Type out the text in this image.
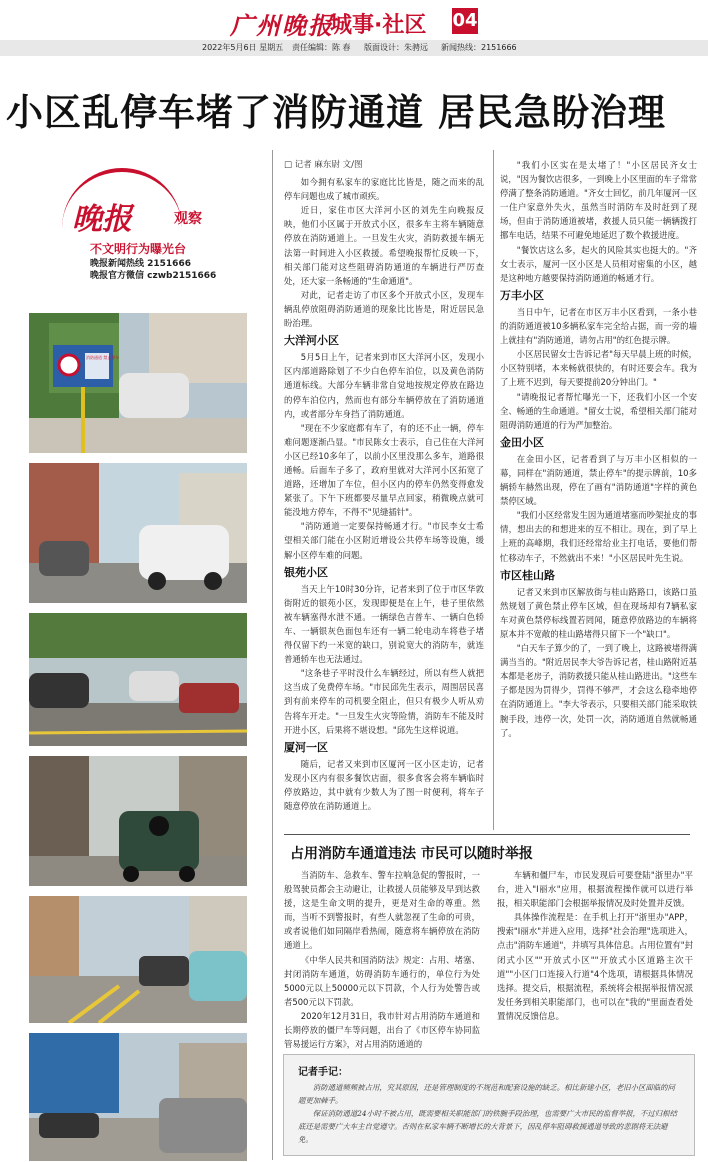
广州晚报
城事·社区 04
2022年5月6日 星期五 责任编辑：陈 春 版面设计：朱骋远 新闻热线：2151666
小区乱停车堵了消防通道 居民急盼治理
晚报	观察
不文明行为曝光台
晚报新闻热线 2151666
晚报官方微信 czwb2151666
消防通道 禁止停车
□ 记者 麻东尉 文/图

如今拥有私家车的家庭比比皆是，随之而来的乱停车问题也成了城市顽疾。

近日，家住市区大洋河小区的刘先生向晚报反映，他们小区属于开放式小区，很多车主将车辆随意停放在消防通道上。一旦发生火灾，消防救援车辆无法第一时间进入小区救援。希望晚报帮忙反映一下，相关部门能对这些阻碍消防通道的车辆进行严厉查处，还大家一条畅通的"生命通道"。

对此，记者走访了市区多个开放式小区，发现车辆乱停放阻碍消防通道的现象比比皆是，附近居民急盼治理。

大洋河小区

5月5日上午，记者来到市区大洋河小区，发现小区内部道路除划了不少白色停车泊位，以及黄色消防通道标线。大部分车辆非常自觉地按规定停放在路边的停车泊位内，然而也有部分车辆停放在了消防通道内，或者部分车身挡了消防通道。

"现在不少家庭都有车了，有的还不止一辆，停车难问题逐渐凸显。"市民陈女士表示，自己住在大洋河小区已经10多年了，以前小区里没那么多车，道路很通畅。后面车子多了，政府里就对大洋河小区拓宽了道路，还增加了车位，但小区内的停车仍然变得愈发紧张了。下午下班都要尽量早点回家，稍微晚点就可能没地方停车，不得不"见缝插针"。

"消防通道一定要保持畅通才行。"市民李女士希望相关部门能在小区附近增设公共停车场等设施，缓解小区停车难的问题。

银苑小区

当天上午10时30分许，记者来到了位于市区华敦街附近的银苑小区，发现即便是在上午，巷子里依然被车辆塞得水泄不通。一辆绿色吉普车、一辆白色轿车、一辆银灰色面包车还有一辆二轮电动车将巷子堵得仅留下约一米宽的缺口，别说宽大的消防车，就连普通轿车也无法通过。

"这条巷子平时没什么车辆经过，所以有些人就把这当成了免费停车场。"市民邱先生表示，周围居民喜到有前来停车的司机要全阻止，但只有极少人听从劝告将车开走。"一旦发生火灾等险情，消防车不能及时开进小区，后果将不堪设想。"邱先生这样说道。

厦河一区

随后，记者又来到市区厦河一区小区走访，记者发现小区内有很多餐饮店面，很多食客会将车辆临时停放路边，其中就有少数人为了图一时便利，将车子随意停放在消防通道上。

"我们小区实在是太堵了！"小区居民齐女士说，"因为餐饮店很多，一到晚上小区里面的车子常常停满了整条消防通道。"齐女士回忆，前几年厦河一区一住户家意外失火，虽然当时消防车及时赶到了现场，但由于消防通道被堵，救援人员只能一辆辆拨打挪车电话，结果不可避免地延迟了数个救援进度。

"餐饮店这么多，起火的风险其实也挺大的。"齐女士表示，厦河一区小区是人员相对密集的小区，越是这种地方越要保持消防通道的畅通才行。

万丰小区

当日中午，记者在市区万丰小区看到，一条小巷的消防通道被10多辆私家车完全给占据，而一旁的墙上就挂有"消防通道，请勿占用"的红色提示牌。

小区居民留女士告诉记者"每天早晨上班的时候，小区特别堵，本来畅就很快的，有时还要会车。我为了上班不迟到，每天要提前20分钟出门。"

"请晚报记者帮忙曝光一下，还我们小区一个安全、畅通的生命通道。"留女士说，希望相关部门能对阻碍消防通道的行为严加整治。

金田小区

在金田小区，记者看到了与万丰小区相似的一幕，同样在"消防通道，禁止停车"的提示牌前，10多辆轿车赫然出现，停在了画有"消防通道"字样的黄色禁停区域。

"我们小区经常发生因为通道堵塞而吵架扯皮的事情，想出去的和想进来的互不相让。现在，到了早上上班的高峰期，我们还经常给业主打电话，要他们帮忙移动车子，不然就出不来！"小区居民叶先生说。

市区桂山路

记者又来到市区解放街与桂山路路口，该路口虽然规划了黄色禁止停车区域，但在现场却有7辆私家车对黄色禁停标线置若罔闻，随意停放路边的车辆将原本并不宽敞的桂山路堵得只留下一个"缺口"。

"白天车子算少的了，一到了晚上，这路被堵得满满当当的。"附近居民李大爷告诉记者，桂山路附近基本都是老房子，消防救援只能从桂山路进出。"这些车子都是因为罚得少，罚得不够严，才会这么稳牵地停在消防通道上。"李大爷表示，只要相关部门能采取铁腕手段，违停一次，处罚一次，消防通道自然就畅通了。

占用消防车通道违法 市民可以随时举报

当消防车、急救车、警车拉响急促的警报时，一般驾驶员都会主动避让，让救援人员能够及早到达救援，这是生命文明的提升，更是对生命的尊重。然而，当听不到警报时，有些人就忽视了生命的可贵，或者说他们如同隔岸看热闹，随意将车辆停放在消防通道上。

《中华人民共和国消防法》规定：占用、堵塞、封闭消防车通道，妨碍消防车通行的，单位行为处5000元以上50000元以下罚款，个人行为处警告或者500元以下罚款。

2020年12月31日，我市针对占用消防车通道和长期停放的僵尸车等问题，出台了《市区停车协同监管易援运行方案》，对占用消防通道的

车辆和僵尸车，市民发现后可要登陆"浙里办"平台，进入"I丽水"应用，根据流程操作就可以进行举报，相关职能部门会根据举报情况及时处置并反馈。

具体操作流程是：在手机上打开"浙里办"APP，搜索"I丽水"并进入应用，选择"社会治理"选项进入，点击"消防车通道"，并填写具体信息。占用位置有"封闭式小区""开放式小区""开放式小区道路主次干道""小区门口连接入行道"4个选项，请根据具体情况选择。提交后，根据流程，系统将会根据举报情况派发任务到相关职能部门，也可以在"我的"里面查看处置情况反馈信息。

记者手记：

消防通道频频被占用，究其原因，还是管理制度的不规范和配套设施的缺乏。相比新建小区，老旧小区面临的问题更加棘手。

保证消防通道24小时不被占用，既需要相关职能部门的铁腕手段治理，也需要广大市民的监督举报，不过归根结底还是需要广大车主自觉遵守。否则在私家车辆不断增长的大背景下，因乱停车阻碍救援通道导致的悲剧将无法避免。
